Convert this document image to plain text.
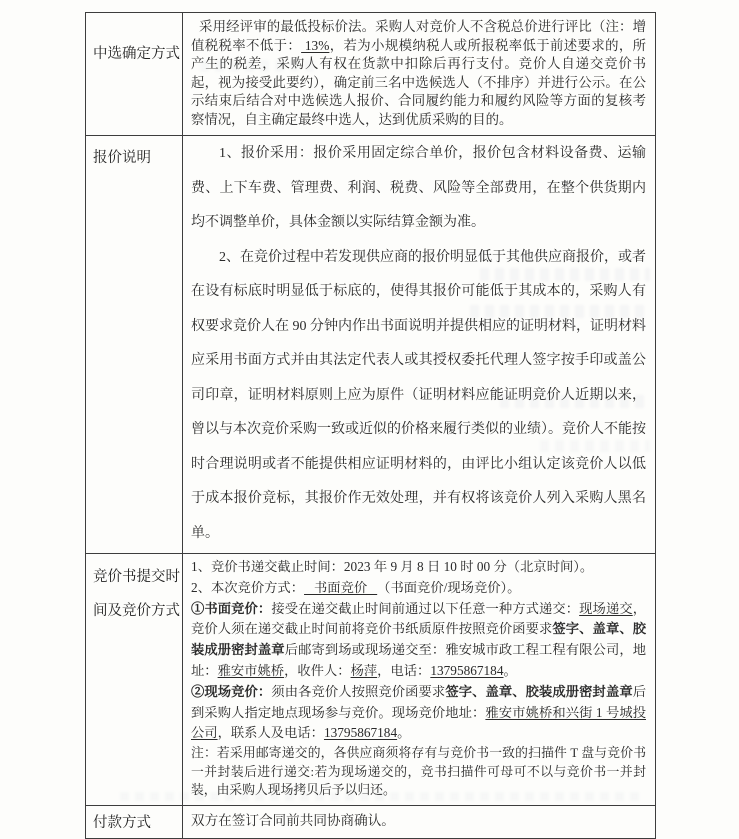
中选确定方式	采用经评审的最低投标价法。采购人对竞价人不含税总价进行评比（注：增值税税率不低于： 13%，若为小规模纳税人或所报税率低于前述要求的，所产生的税差，采购人有权在货款中扣除后再行支付。竞价人自递交竞价书起，视为接受此要约），确定前三名中选候选人（不排序）并进行公示。在公示结束后结合对中选候选人报价、合同履约能力和履约风险等方面的复核考察情况，自主确定最终中选人，达到优质采购的目的。

报价说明	1、报价采用：报价采用固定综合单价，报价包含材料设备费、运输费、上下车费、管理费、利润、税费、风险等全部费用，在整个供货期内均不调整单价，具体金额以实际结算金额为准。

2、在竞价过程中若发现供应商的报价明显低于其他供应商报价，或者在设有标底时明显低于标底的，使得其报价可能低于其成本的，采购人有权要求竞价人在 90 分钟内作出书面说明并提供相应的证明材料，证明材料应采用书面方式并由其法定代表人或其授权委托代理人签字按手印或盖公司印章，证明材料原则上应为原件（证明材料应能证明竞价人近期以来，曾以与本次竞价采购一致或近似的价格来履行类似的业绩）。竞价人不能按时合理说明或者不能提供相应证明材料的，由评比小组认定该竞价人以低于成本报价竞标，其报价作无效处理，并有权将该竞价人列入采购人黑名单。

竞价书提交时间及竞价方式	1、竞价书递交截止时间：2023 年 9 月 8 日 10 时 00 分（北京时间）。

2、本次竞价方式：   书面竞价   （书面竞价/现场竞价）。

①书面竞价：接受在递交截止时间前通过以下任意一种方式递交：现场递交，竞价人须在递交截止时间前将竞价书纸质原件按照竞价函要求签字、盖章、胶装成册密封盖章后邮寄到场或现场递交至：雅安城市政工程工程有限公司，地址：雅安市姚桥，收件人：杨萍，电话：13795867184。

②现场竞价：须由各竞价人按照竞价函要求签字、盖章、胶装成册密封盖章后到采购人指定地点现场参与竞价。现场竞价地址：雅安市姚桥和兴街 1 号城投公司，联系人及电话：13795867184。

注：若采用邮寄递交的，各供应商须将存有与竞价书一致的扫描件 T 盘与竞价书一并封装后进行递交:若为现场递交的，竞书扫描件可母可不以与竞价书一并封装，由采购人现场拷贝后予以归还。

付款方式	双方在签订合同前共同协商确认。
